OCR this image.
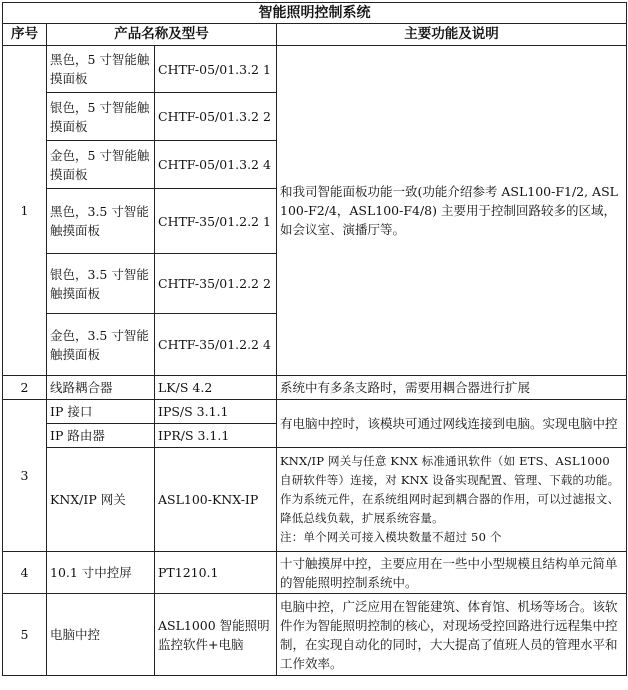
智能照明控制系统			
序号	产品名称及型号		主要功能及说明
1	黑色，5 寸智能触摸面板	CHTF-05/01.3.2 1	和我司智能面板功能一致(功能介绍参考 ASL100-F1/2, ASL100-F2/4，ASL100-F4/8) 主要用于控制回路较多的区域，如会议室、演播厅等。
	银色，5 寸智能触摸面板	CHTF-05/01.3.2 2	
	金色，5 寸智能触摸面板	CHTF-05/01.3.2 4	
	黑色，3.5 寸智能 触摸面板	CHTF-35/01.2.2 1	
	银色，3.5 寸智能 触摸面板	CHTF-35/01.2.2 2	
	金色，3.5 寸智能 触摸面板	CHTF-35/01.2.2 4	
2	线路耦合器	LK/S 4.2	系统中有多条支路时，需要用耦合器进行扩展
3	IP 接口	IPS/S 3.1.1	有电脑中控时，该模块可通过网线连接到电脑。实现电脑中控
	IP 路由器	IPR/S 3.1.1	
	KNX/IP 网关	ASL100-KNX-IP	KNX/IP 网关与任意 KNX 标准通讯软件（如 ETS、ASL1000 自研软件等）连接，对 KNX 设备实现配置、管理、下载的功能。作为系统元件，在系统组网时起到耦合器的作用，可以过滤报文、降低总线负载，扩展系统容量。
注：单个网关可接入模块数量不超过 50 个
4	10.1 寸中控屏	PT1210.1	十寸触摸屏中控，主要应用在一些中小型规模且结构单元简单的智能照明控制系统中。
5	电脑中控	ASL1000 智能照明监控软件+电脑	电脑中控，广泛应用在智能建筑、体育馆、机场等场合。该软件作为智能照明控制的核心，对现场受控回路进行远程集中控制，在实现自动化的同时，大大提高了值班人员的管理水平和工作效率。
